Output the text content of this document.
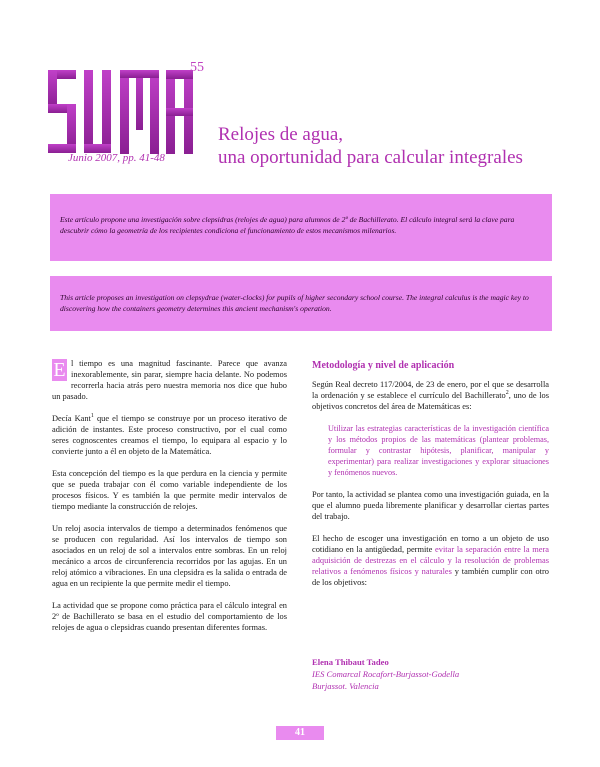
55
Junio 2007, pp. 41-48
Relojes de agua,
una oportunidad para calcular integrales
Este artículo propone una investigación sobre clepsidras (relojes de agua) para alumnos de 2º de Bachillerato. El cálculo integral será la clave para descubrir cómo la geometría de los recipientes condiciona el funcionamiento de estos mecanismos milenarios.
This article proposes an investigation on clepsydrae (water-clocks) for pupils of higher secondary school course. The integral calculus is the magic key to discovering how the containers geometry determines this ancient mechanism's operation.

E l tiempo es una magnitud fascinante. Parece que avanza inexorablemente, sin parar, siempre hacia delante. No podemos recorrerla hacia atrás pero nuestra memoria nos dice que hubo un pasado.

Decía Kant$^1$ que el tiempo se construye por un proceso iterativo de adición de instantes. Este proceso constructivo, por el cual como seres cognoscentes creamos el tiempo, lo equipara al espacio y lo convierte junto a él en objeto de la Matemática.

Esta concepción del tiempo es la que perdura en la ciencia y permite que se pueda trabajar con él como variable independiente de los procesos físicos. Y es también la que permite medir intervalos de tiempo mediante la construcción de relojes.

Un reloj asocia intervalos de tiempo a determinados fenómenos que se producen con regularidad. Así los intervalos de tiempo son asociados en un reloj de sol a intervalos entre sombras. En un reloj mecánico a arcos de circunferencia recorridos por las agujas. En un reloj atómico a vibraciones. En una clepsidra es la salida o entrada de agua en un recipiente la que permite medir el tiempo.

La actividad que se propone como práctica para el cálculo integral en 2º de Bachillerato se basa en el estudio del comportamiento de los relojes de agua o clepsidras cuando presentan diferentes formas.

Metodología y nivel de aplicación

Según Real decreto 117/2004, de 23 de enero, por el que se desarrolla la ordenación y se establece el currículo del Bachillerato$^2$, uno de los objetivos concretos del área de Matemáticas es:

Utilizar las estrategias características de la investigación científica y los métodos propios de las matemáticas (plantear problemas, formular y contrastar hipótesis, planificar, manipular y experimentar) para realizar investigaciones y explorar situaciones y fenómenos nuevos.

Por tanto, la actividad se plantea como una investigación guiada, en la que el alumno pueda libremente planificar y desarrollar ciertas partes del trabajo.

El hecho de escoger una investigación en torno a un objeto de uso cotidiano en la antigüedad, permite evitar la separación entre la mera adquisición de destrezas en el cálculo y la resolución de problemas relativos a fenómenos físicos y naturales y también cumplir con otro de los objetivos:

Elena Thibaut Tadeo
IES Comarcal Rocafort-Burjassot-Godella
Burjassot. Valencia
41
